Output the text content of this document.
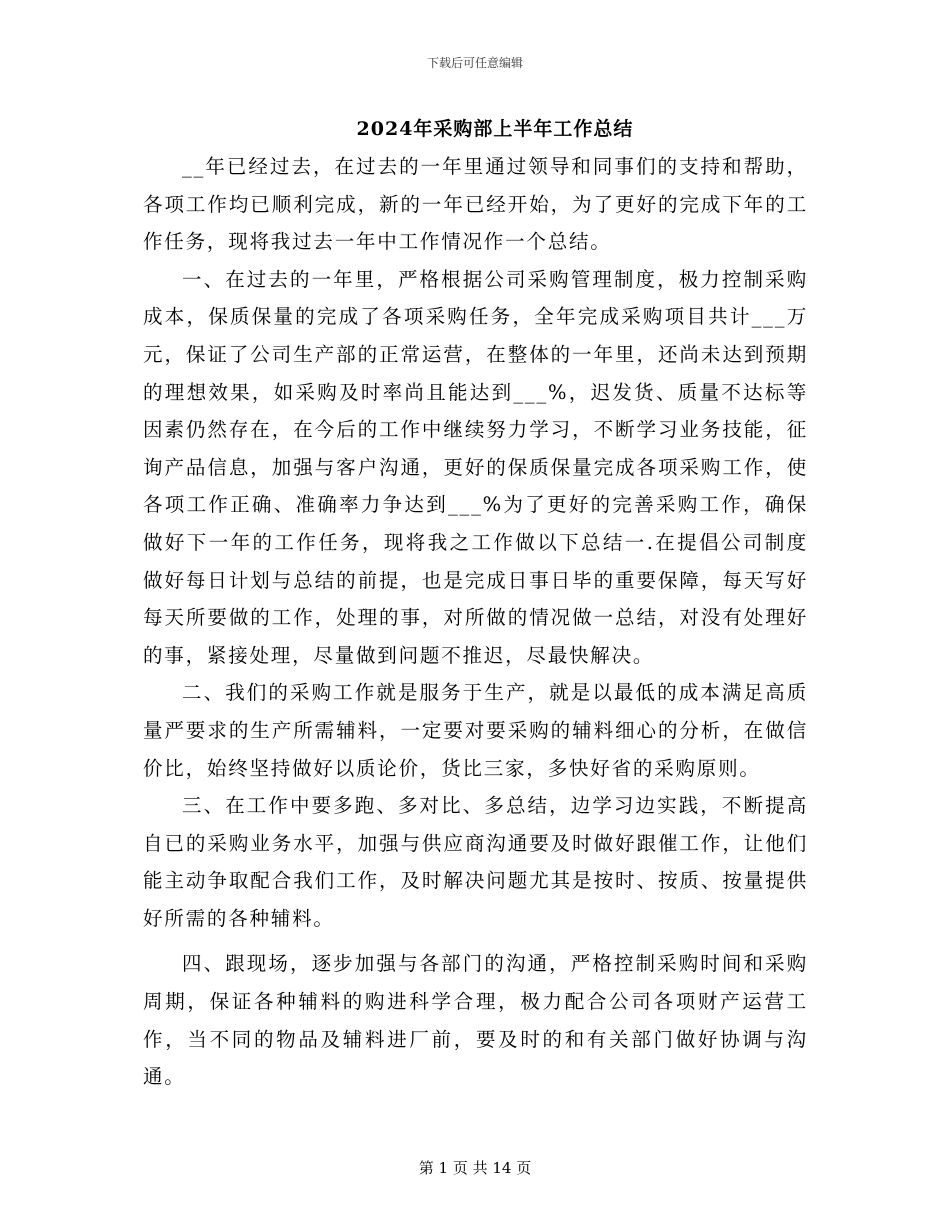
下载后可任意编辑
2024年采购部上半年工作总结

__年已经过去，在过去的一年里通过领导和同事们的支持和帮助，各项工作均已顺利完成，新的一年已经开始，为了更好的完成下年的工作任务，现将我过去一年中工作情况作一个总结。

一、在过去的一年里，严格根据公司采购管理制度，极力控制采购成本，保质保量的完成了各项采购任务，全年完成采购项目共计___万元，保证了公司生产部的正常运营，在整体的一年里，还尚未达到预期的理想效果，如采购及时率尚且能达到___%，迟发货、质量不达标等因素仍然存在，在今后的工作中继续努力学习，不断学习业务技能，征询产品信息，加强与客户沟通，更好的保质保量完成各项采购工作，使各项工作正确、准确率力争达到___%为了更好的完善采购工作，确保做好下一年的工作任务，现将我之工作做以下总结一.在提倡公司制度做好每日计划与总结的前提，也是完成日事日毕的重要保障，每天写好每天所要做的工作，处理的事，对所做的情况做一总结，对没有处理好的事，紧接处理，尽量做到问题不推迟，尽最快解决。

二、我们的采购工作就是服务于生产，就是以最低的成本满足高质量严要求的生产所需辅料，一定要对要采购的辅料细心的分析，在做信价比，始终坚持做好以质论价，货比三家，多快好省的采购原则。

三、在工作中要多跑、多对比、多总结，边学习边实践，不断提高自已的采购业务水平，加强与供应商沟通要及时做好跟催工作，让他们能主动争取配合我们工作，及时解决问题尤其是按时、按质、按量提供好所需的各种辅料。

四、跟现场，逐步加强与各部门的沟通，严格控制采购时间和采购周期，保证各种辅料的购进科学合理，极力配合公司各项财产运营工作，当不同的物品及辅料进厂前，要及时的和有关部门做好协调与沟通。

第 1 页 共 14 页
